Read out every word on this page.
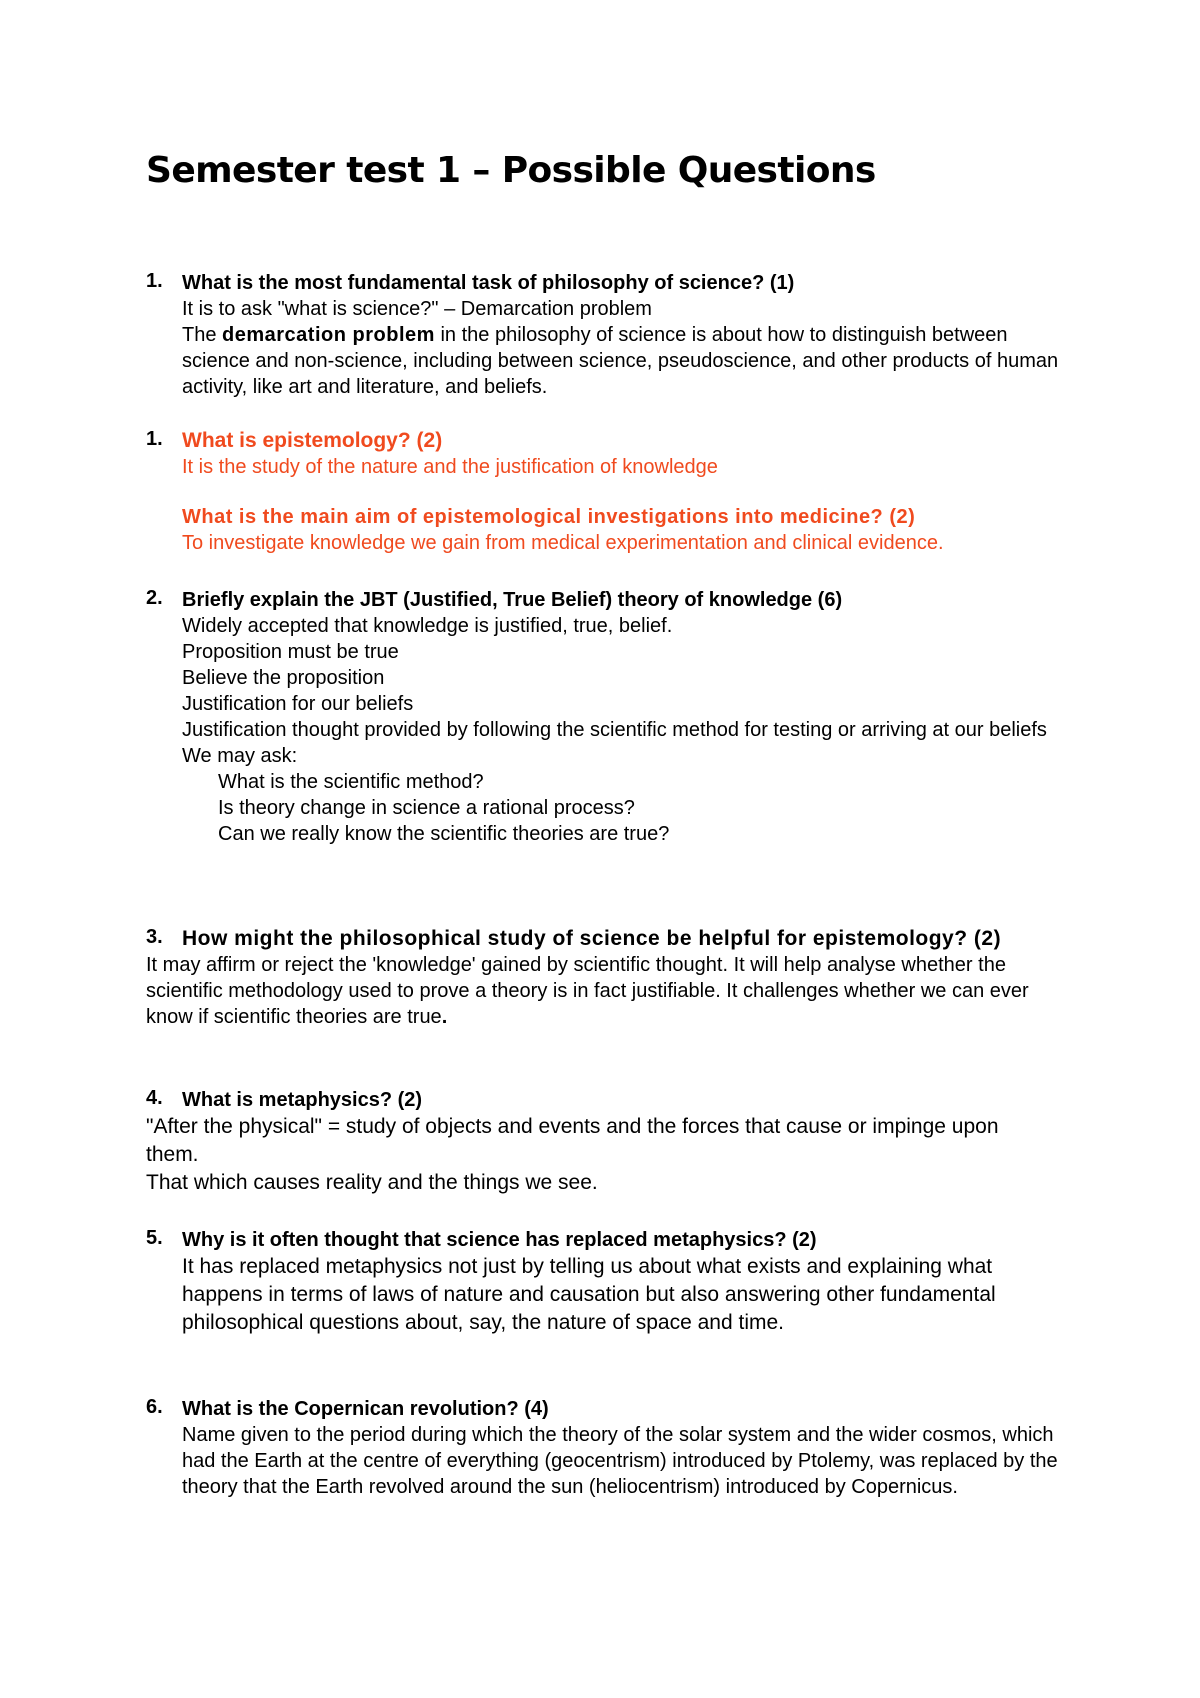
Semester test 1 – Possible Questions
1. What is the most fundamental task of philosophy of science? (1)
It is to ask "what is science?" – Demarcation problem
The demarcation problem in the philosophy of science is about how to distinguish between science and non-science, including between science, pseudoscience, and other products of human activity, like art and literature, and beliefs.
1. What is epistemology? (2)
It is the study of the nature and the justification of knowledge
What is the main aim of epistemological investigations into medicine? (2)
To investigate knowledge we gain from medical experimentation and clinical evidence.
2. Briefly explain the JBT (Justified, True Belief) theory of knowledge (6)
Widely accepted that knowledge is justified, true, belief.
Proposition must be true
Believe the proposition
Justification for our beliefs
Justification thought provided by following the scientific method for testing or arriving at our beliefs
We may ask:
What is the scientific method?
Is theory change in science a rational process?
Can we really know the scientific theories are true?
3. How might the philosophical study of science be helpful for epistemology? (2)
It may affirm or reject the 'knowledge' gained by scientific thought. It will help analyse whether the scientific methodology used to prove a theory is in fact justifiable. It challenges whether we can ever know if scientific theories are true.
4. What is metaphysics? (2)
"After the physical" = study of objects and events and the forces that cause or impinge upon them.
That which causes reality and the things we see.
5. Why is it often thought that science has replaced metaphysics? (2)
It has replaced metaphysics not just by telling us about what exists and explaining what happens in terms of laws of nature and causation but also answering other fundamental philosophical questions about, say, the nature of space and time.
6. What is the Copernican revolution? (4)
Name given to the period during which the theory of the solar system and the wider cosmos, which had the Earth at the centre of everything (geocentrism) introduced by Ptolemy, was replaced by the theory that the Earth revolved around the sun (heliocentrism) introduced by Copernicus.
